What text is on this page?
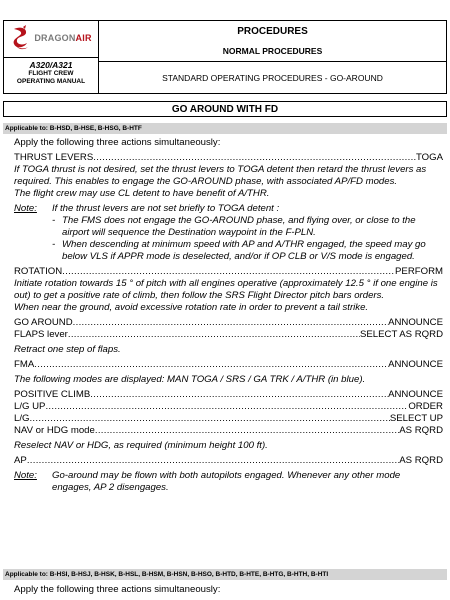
DRAGONAIR
A320/A321
FLIGHT CREW
OPERATING MANUAL
PROCEDURES
NORMAL PROCEDURES
STANDARD OPERATING PROCEDURES - GO-AROUND
GO AROUND WITH FD
Applicable to: B-HSD, B-HSE, B-HSG, B-HTF
Apply the following three actions simultaneously:
THRUST LEVERS .....	TOGA
If TOGA thrust is not desired, set the thrust levers to TOGA detent then retard the thrust levers as
required. This enables to engage the GO-AROUND phase, with associated AP/FD modes.
The flight crew may use CL detent to have benefit of A/THR.
Note:	If the thrust levers are not set briefly to TOGA detent :
- The FMS does not engage the GO-AROUND phase, and flying over, or close to the
airport will sequence the Destination waypoint in the F-PLN.
- When descending at minimum speed with AP and A/THR engaged, the speed may go
below VLS if APPR mode is deselected, and/or if OP CLB or V/S mode is engaged.
ROTATION .....	PERFORM
Initiate rotation towards 15 ° of pitch with all engines operative (approximately 12.5 ° if one engine is
out) to get a positive rate of climb, then follow the SRS Flight Director pitch bars orders.
When near the ground, avoid excessive rotation rate in order to prevent a tail strike.
GO AROUND .....	ANNOUNCE
FLAPS lever .....	SELECT AS RQRD
Retract one step of flaps.
FMA .....	ANNOUNCE
The following modes are displayed: MAN TOGA / SRS / GA TRK / A/THR (in blue).
POSITIVE CLIMB .....	ANNOUNCE
L/G UP .....	ORDER
L/G .....	SELECT UP
NAV or HDG mode .....	AS RQRD
Reselect NAV or HDG, as required (minimum height 100 ft).
AP .....	AS RQRD
Note:	Go-around may be flown with both autopilots engaged. Whenever any other mode
engages, AP 2 disengages.
Applicable to: B-HSI, B-HSJ, B-HSK, B-HSL, B-HSM, B-HSN, B-HSO, B-HTD, B-HTE, B-HTG, B-HTH, B-HTI
Apply the following three actions simultaneously:
